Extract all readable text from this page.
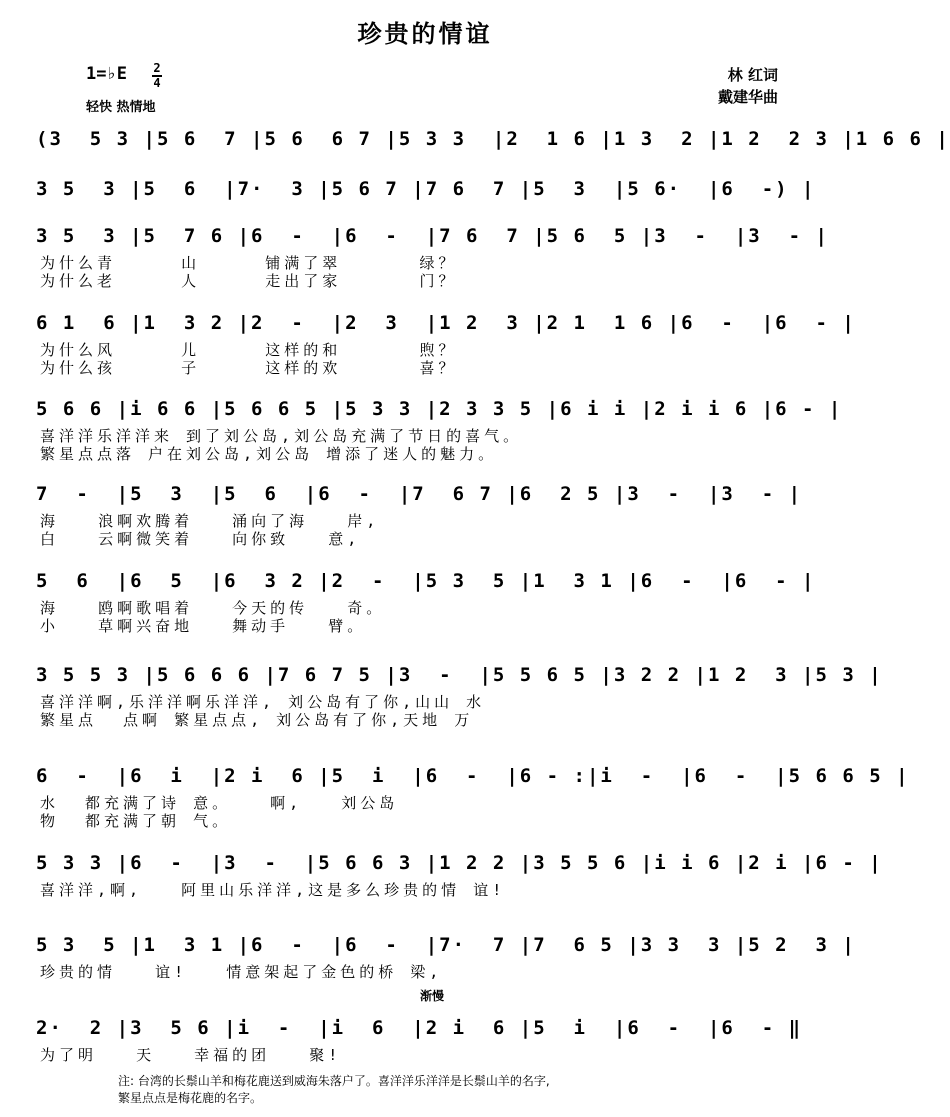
珍贵的情谊
1=♭E 2
4
轻快 热情地
林 红词
戴建华曲
(3  5 3 |5 6  7 |5 6  6 7 |5 3 3  |2  1 6 |1 3  2 |1 2  2 3 |1 6 6 |
3 5  3 |5  6  |7·  3 |5 6 7 |7 6  7 |5  3  |5 6·  |6  -) |
3 5  3 |5  7 6 |6  -  |6  -  |7 6  7 |5 6  5 |3  -  |3  - |
为什么青     山     铺满了翠      绿？
为什么老     人     走出了家      门？
6 1  6 |1  3 2 |2  -  |2  3  |1 2  3 |2 1  1 6 |6  -  |6  - |
为什么风     儿     这样的和      煦？
为什么孩     子     这样的欢      喜？
5 6 6 |i 6 6 |5 6 6 5 |5 3 3 |2 3 3 5 |6 i i |2 i i 6 |6 - |
喜洋洋乐洋洋来 到了刘公岛,刘公岛充满了节日的喜气。
繁星点点落 户在刘公岛,刘公岛 增添了迷人的魅力。
7  -  |5  3  |5  6  |6  -  |7  6 7 |6  2 5 |3  -  |3  - |
海   浪啊欢腾着   涌向了海   岸,
白   云啊微笑着   向你致   意,
5  6  |6  5  |6  3 2 |2  -  |5 3  5 |1  3 1 |6  -  |6  - |
海   鸥啊歌唱着   今天的传   奇。
小   草啊兴奋地   舞动手   臂。
3 5 5 3 |5 6 6 6 |7 6 7 5 |3  -  |5 5 6 5 |3 2 2 |1 2  3 |5 3 |
喜洋洋啊,乐洋洋啊乐洋洋, 刘公岛有了你,山山 水
繁星点  点啊 繁星点点, 刘公岛有了你,天地 万
6  -  |6  i  |2 i  6 |5  i  |6  -  |6 - :|i  -  |6  -  |5 6 6 5 |
水  都充满了诗 意。   啊,   刘公岛
物  都充满了朝 气。
5 3 3 |6  -  |3  -  |5 6 6 3 |1 2 2 |3 5 5 6 |i i 6 |2 i |6 - |
喜洋洋,啊,   阿里山乐洋洋,这是多么珍贵的情 谊!
5 3  5 |1  3 1 |6  -  |6  -  |7·  7 |7  6 5 |3 3  3 |5 2  3 |
珍贵的情   谊!   情意架起了金色的桥 梁,
2·  2 |3  5 6 |i  -  |i  6  |2 i  6 |5  i  |6  -  |6  - ‖
为了明   天   幸福的团   聚!
渐慢
注: 台湾的长鬃山羊和梅花鹿送到威海朱落户了。喜洋洋乐洋洋是长鬃山羊的名字,
繁星点点是梅花鹿的名字。
